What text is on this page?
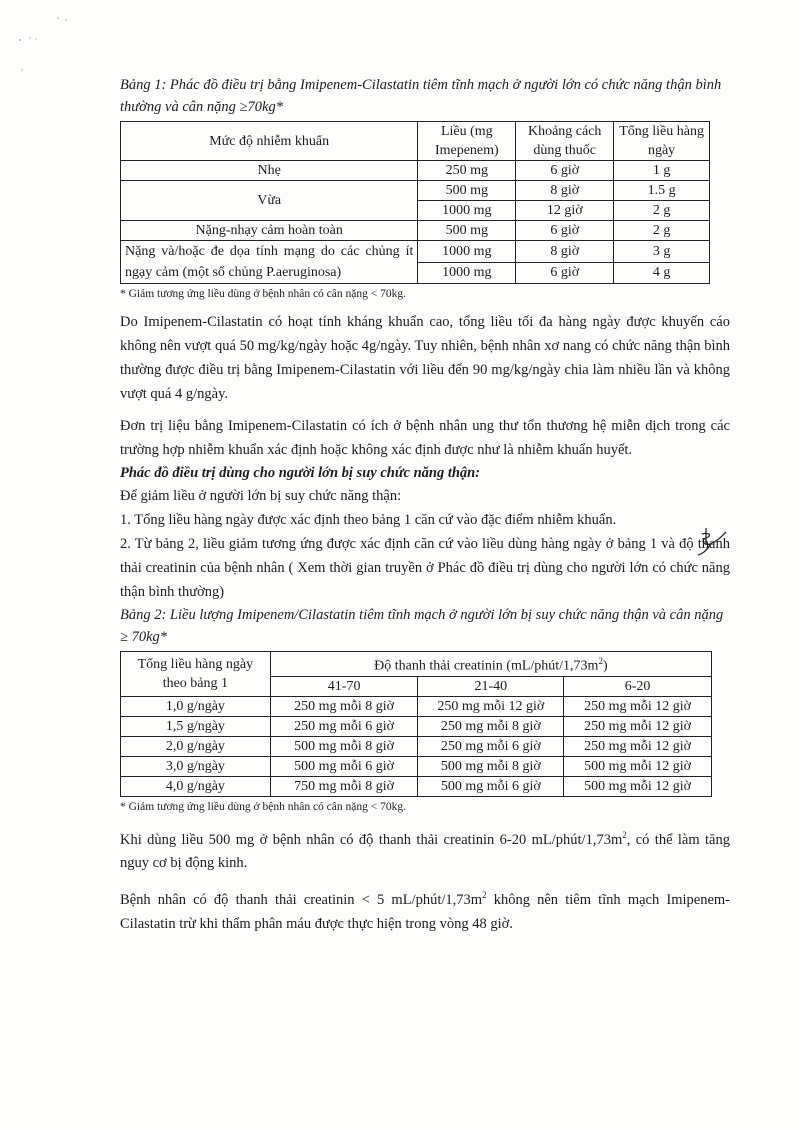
Bảng 1: Phác đồ điều trị bằng Imipenem-Cilastatin tiêm tĩnh mạch ở người lớn có chức năng thận bình thường và cân nặng ≥70kg*

Mức độ nhiễm khuẩn	Liều (mg Imepenem)	Khoảng cách dùng thuốc	Tổng liều hàng ngày
Nhẹ	250 mg	6 giờ	1 g
Vừa	500 mg	8 giờ	1.5 g
	1000 mg	12 giờ	2 g
Nặng-nhạy cảm hoàn toàn	500 mg	6 giờ	2 g
Nặng và/hoặc đe dọa tính mạng do các chủng ít ngạy cảm (một số chủng P.aeruginosa)	1000 mg	8 giờ	3 g
	1000 mg	6 giờ	4 g

* Giảm tương ứng liều dùng ở bệnh nhân có cân nặng < 70kg.

Do Imipenem-Cilastatin có hoạt tính kháng khuẩn cao, tổng liều tối đa hàng ngày được khuyến cáo không nên vượt quá 50 mg/kg/ngày hoặc 4g/ngày. Tuy nhiên, bệnh nhân xơ nang có chức năng thận bình thường được điều trị bằng Imipenem-Cilastatin với liều đến 90 mg/kg/ngày chia làm nhiều lần và không vượt quá 4 g/ngày.

Đơn trị liệu bằng Imipenem-Cilastatin có ích ở bệnh nhân ung thư tổn thương hệ miễn dịch trong các trường hợp nhiễm khuẩn xác định hoặc không xác định được như là nhiễm khuẩn huyết.

Phác đồ điều trị dùng cho người lớn bị suy chức năng thận:

Để giảm liều ở người lớn bị suy chức năng thận:

1. Tổng liều hàng ngày được xác định theo bảng 1 căn cứ vào đặc điểm nhiễm khuẩn.

2. Từ bảng 2, liều giảm tương ứng được xác định căn cứ vào liều dùng hàng ngày ở bảng 1 và độ thanh thải creatinin của bệnh nhân ( Xem thời gian truyền ở Phác đồ điều trị dùng cho người lớn có chức năng thận bình thường)

Bảng 2: Liều lượng Imipenem/Cilastatin tiêm tĩnh mạch ở người lớn bị suy chức năng thận và cân nặng ≥ 70kg*

Tổng liều hàng ngày theo bảng 1	Độ thanh thải creatinin $(mL/phút/1,73m^2)$		
	41-70	21-40	6-20
1,0 g/ngày	250 mg mỗi 8 giờ	250 mg mỗi 12 giờ	250 mg mỗi 12 giờ
1,5 g/ngày	250 mg mỗi 6 giờ	250 mg mỗi 8 giờ	250 mg mỗi 12 giờ
2,0 g/ngày	500 mg mỗi 8 giờ	250 mg mỗi 6 giờ	250 mg mỗi 12 giờ
3,0 g/ngày	500 mg mỗi 6 giờ	500 mg mỗi 8 giờ	500 mg mỗi 12 giờ
4,0 g/ngày	750 mg mỗi 8 giờ	500 mg mỗi 6 giờ	500 mg mỗi 12 giờ

* Giảm tương ứng liều dùng ở bệnh nhân có cân nặng < 70kg.

Khi dùng liều 500 mg ở bệnh nhân có độ thanh thải creatinin 6-20 $mL/phút/1,73m^2$, có thể làm tăng nguy cơ bị động kinh.

Bệnh nhân có độ thanh thải creatinin < 5 $mL/phút/1,73m^2$ không nên tiêm tĩnh mạch Imipenem-Cilastatin trừ khi thẩm phân máu được thực hiện trong vòng 48 giờ.
